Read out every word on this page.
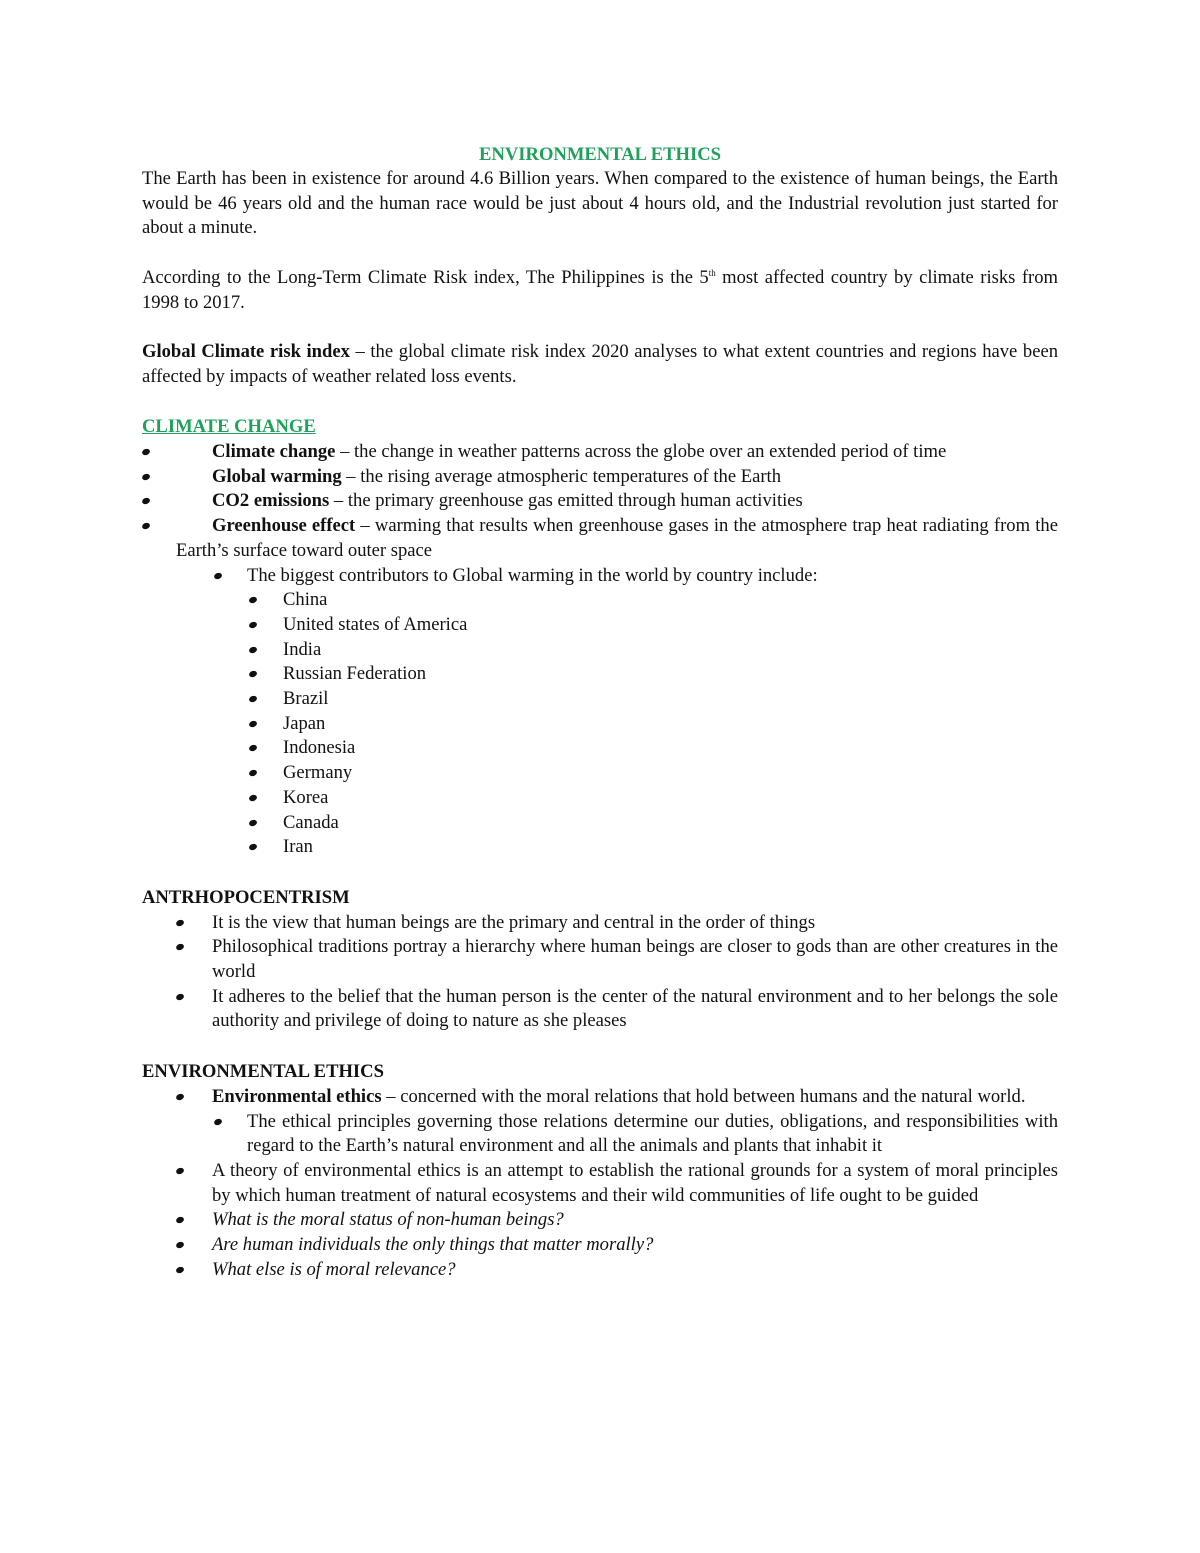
ENVIRONMENTAL ETHICS

The Earth has been in existence for around 4.6 Billion years. When compared to the existence of human beings, the Earth would be 46 years old and the human race would be just about 4 hours old, and the Industrial revolution just started for about a minute.

According to the Long-Term Climate Risk index, The Philippines is the 5th most affected country by climate risks from 1998 to 2017.

Global Climate risk index – the global climate risk index 2020 analyses to what extent countries and regions have been affected by impacts of weather related loss events.

CLIMATE CHANGE
Climate change – the change in weather patterns across the globe over an extended period of time
Global warming – the rising average atmospheric temperatures of the Earth
CO2 emissions – the primary greenhouse gas emitted through human activities
Greenhouse effect – warming that results when greenhouse gases in the atmosphere trap heat radiating from the Earth’s surface toward outer space
The biggest contributors to Global warming in the world by country include:
China
United states of America
India
Russian Federation
Brazil
Japan
Indonesia
Germany
Korea
Canada
Iran
ANTRHOPOCENTRISM
It is the view that human beings are the primary and central in the order of things
Philosophical traditions portray a hierarchy where human beings are closer to gods than are other creatures in the world
It adheres to the belief that the human person is the center of the natural environment and to her belongs the sole authority and privilege of doing to nature as she pleases
ENVIRONMENTAL ETHICS
Environmental ethics – concerned with the moral relations that hold between humans and the natural world.
The ethical principles governing those relations determine our duties, obligations, and responsibilities with regard to the Earth’s natural environment and all the animals and plants that inhabit it
A theory of environmental ethics is an attempt to establish the rational grounds for a system of moral principles by which human treatment of natural ecosystems and their wild communities of life ought to be guided
What is the moral status of non-human beings?
Are human individuals the only things that matter morally?
What else is of moral relevance?
